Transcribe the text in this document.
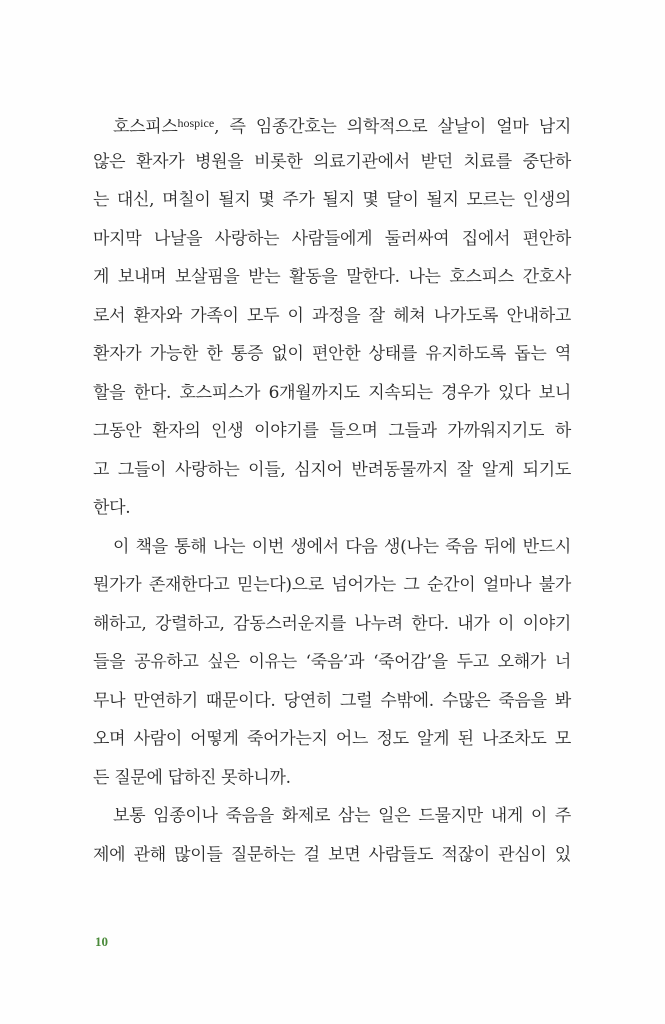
호스피스$^{hospice}$, 즉 임종간호는 의학적으로 살날이 얼마 남지
않은 환자가 병원을 비롯한 의료기관에서 받던 치료를 중단하
는 대신, 며칠이 될지 몇 주가 될지 몇 달이 될지 모르는 인생의
마지막 나날을 사랑하는 사람들에게 둘러싸여 집에서 편안하
게 보내며 보살핌을 받는 활동을 말한다. 나는 호스피스 간호사
로서 환자와 가족이 모두 이 과정을 잘 헤쳐 나가도록 안내하고
환자가 가능한 한 통증 없이 편안한 상태를 유지하도록 돕는 역
할을 한다. 호스피스가 6개월까지도 지속되는 경우가 있다 보니
그동안 환자의 인생 이야기를 들으며 그들과 가까워지기도 하
고 그들이 사랑하는 이들, 심지어 반려동물까지 잘 알게 되기도
한다.
이 책을 통해 나는 이번 생에서 다음 생(나는 죽음 뒤에 반드시
뭔가가 존재한다고 믿는다)으로 넘어가는 그 순간이 얼마나 불가
해하고, 강렬하고, 감동스러운지를 나누려 한다. 내가 이 이야기
들을 공유하고 싶은 이유는 ‘죽음’과 ‘죽어감’을 두고 오해가 너
무나 만연하기 때문이다. 당연히 그럴 수밖에. 수많은 죽음을 봐
오며 사람이 어떻게 죽어가는지 어느 정도 알게 된 나조차도 모
든 질문에 답하진 못하니까.
보통 임종이나 죽음을 화제로 삼는 일은 드물지만 내게 이 주
제에 관해 많이들 질문하는 걸 보면 사람들도 적잖이 관심이 있
10
